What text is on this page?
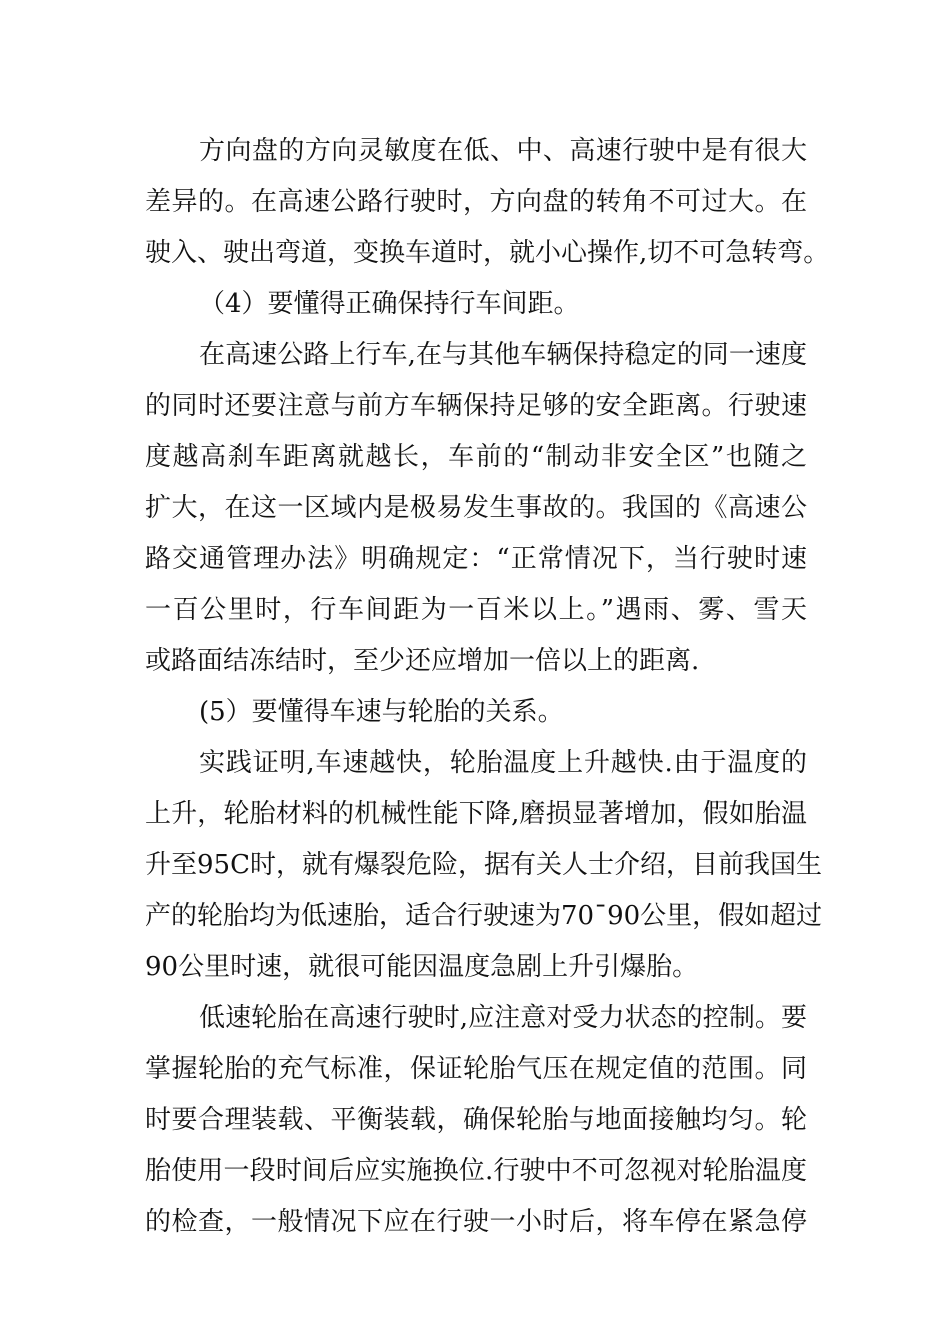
方向盘的方向灵敏度在低、中、高速行驶中是有很大
差异的。在高速公路行驶时，方向盘的转角不可过大。在
驶入、驶出弯道，变换车道时，就小心操作,切不可急转弯。
（4）要懂得正确保持行车间距。
在高速公路上行车,在与其他车辆保持稳定的同一速度
的同时还要注意与前方车辆保持足够的安全距离。行驶速
度越高刹车距离就越长，车前的“制动非安全区”也随之
扩大，在这一区域内是极易发生事故的。我国的《高速公
路交通管理办法》明确规定：“正常情况下，当行驶时速
一百公里时，行车间距为一百米以上。”遇雨、雾、雪天
或路面结冻结时，至少还应增加一倍以上的距离.
(5）要懂得车速与轮胎的关系。
实践证明,车速越快，轮胎温度上升越快.由于温度的
上升，轮胎材料的机械性能下降,磨损显著增加，假如胎温
升至95C时，就有爆裂危险，据有关人士介绍，目前我国生
产的轮胎均为低速胎，适合行驶速为70¯90公里，假如超过
90公里时速，就很可能因温度急剧上升引爆胎。
低速轮胎在高速行驶时,应注意对受力状态的控制。要
掌握轮胎的充气标准，保证轮胎气压在规定值的范围。同
时要合理装载、平衡装载，确保轮胎与地面接触均匀。轮
胎使用一段时间后应实施换位.行驶中不可忽视对轮胎温度
的检查，一般情况下应在行驶一小时后，将车停在紧急停
